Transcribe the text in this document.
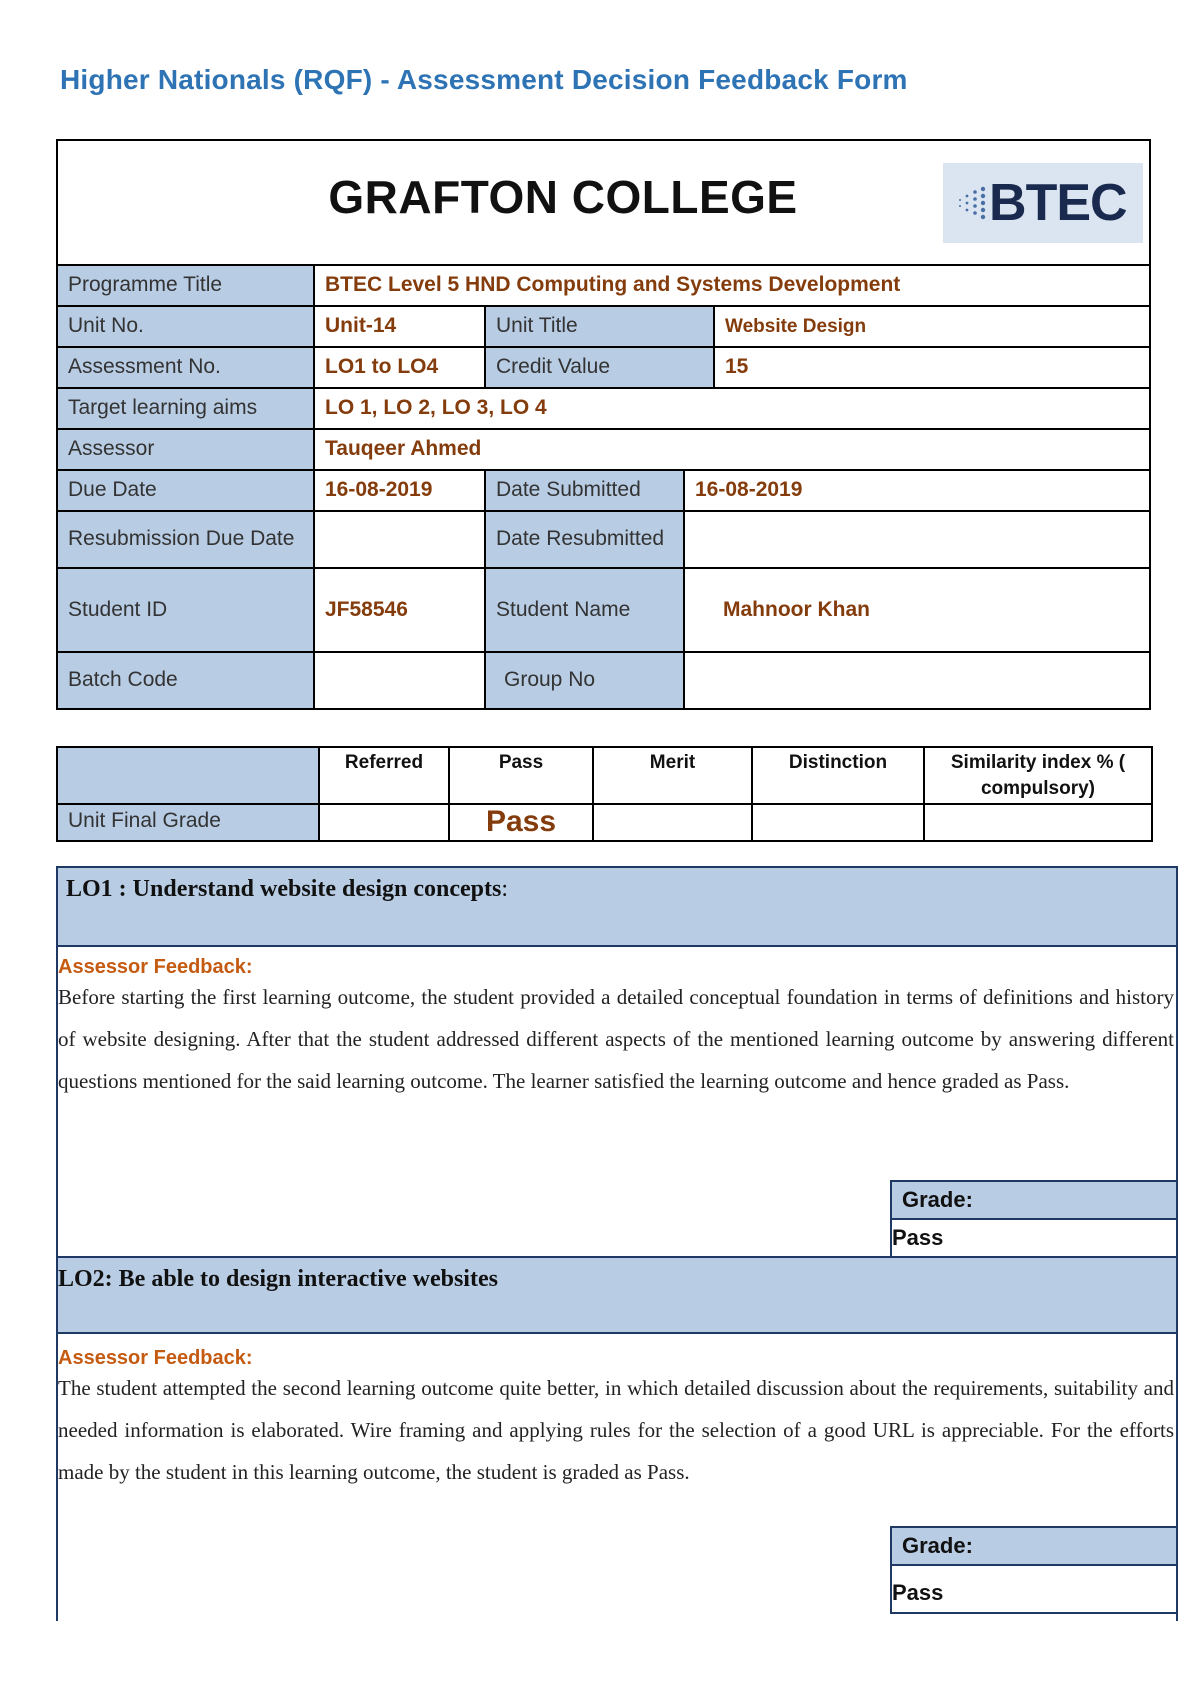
Higher Nationals (RQF) - Assessment Decision Feedback Form
GRAFTON COLLEGE BTEC				

Programme Title	BTEC Level 5 HND Computing and Systems Development			
Unit No.	Unit-14	Unit Title		Website Design
Assessment No.	LO1 to LO4	Credit Value		15
Target learning aims	LO 1, LO 2, LO 3, LO 4			
Assessor	Tauqeer Ahmed			
Due Date	16-08-2019	Date Submitted	16-08-2019	
Resubmission Due Date		Date Resubmitted		
Student ID	JF58546	Student Name	Mahnoor Khan	
Batch Code		Group No		
	Referred	Pass	Merit	Distinction	Similarity index % ( compulsory)
Unit Final Grade		Pass			
LO1 : Understand website design concepts:
Assessor Feedback:
Before starting the first learning outcome, the student provided a detailed conceptual foundation in terms of definitions and history of website designing. After that the student addressed different aspects of the mentioned learning outcome by answering different questions mentioned for the said learning outcome. The learner satisfied the learning outcome and hence graded as Pass.
Grade:
Pass
LO2: Be able to design interactive websites
Assessor Feedback:
The student attempted the second learning outcome quite better, in which detailed discussion about the requirements, suitability and needed information is elaborated. Wire framing and applying rules for the selection of a good URL is appreciable. For the efforts made by the student in this learning outcome, the student is graded as Pass.
Grade:
Pass
